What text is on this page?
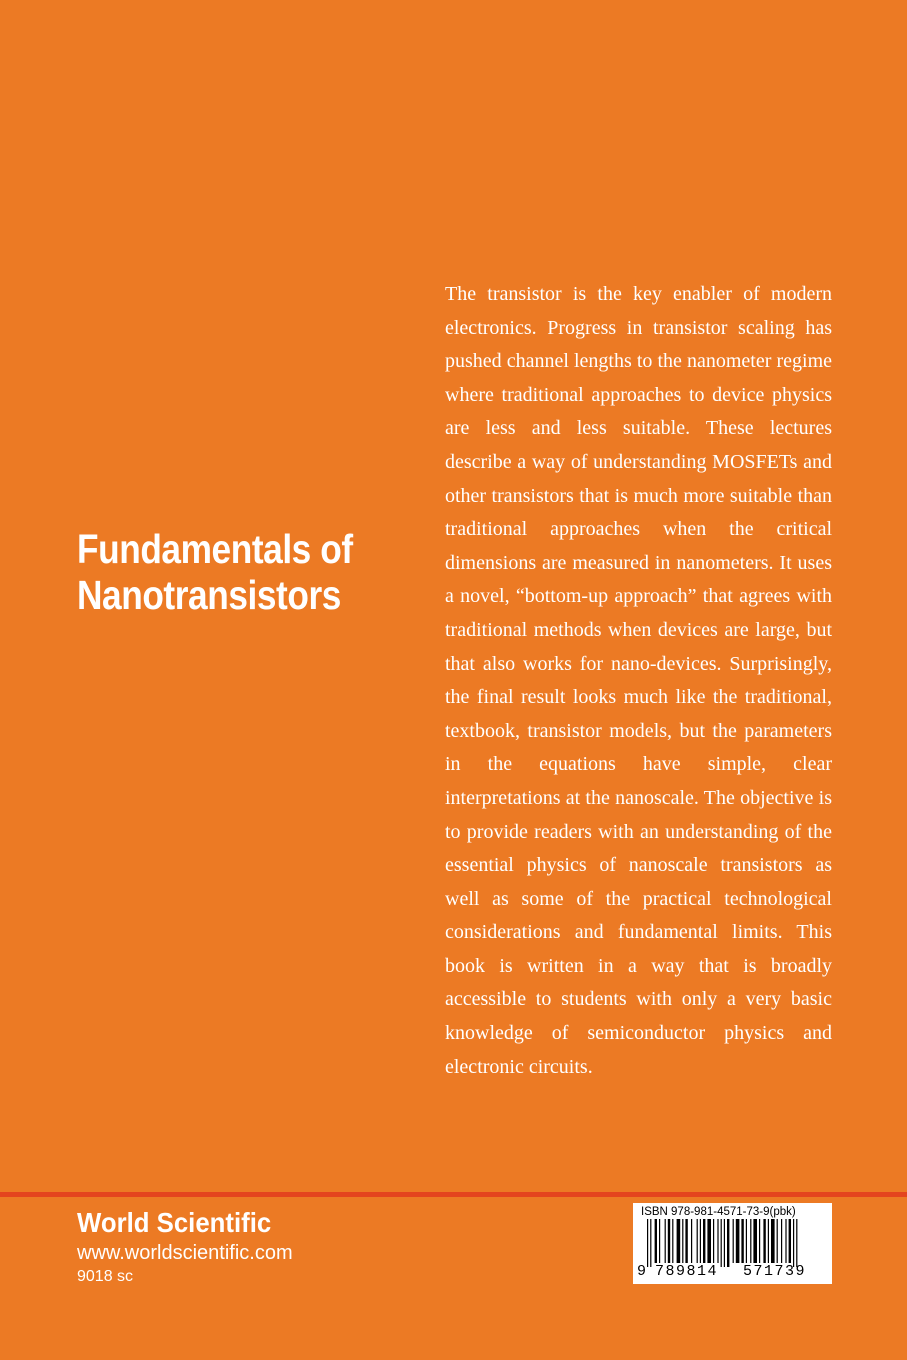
Fundamentals of
Nanotransistors

The transistor is the key enabler of modern electronics. Progress in transistor scaling has pushed channel lengths to the nanometer regime where traditional approaches to device physics are less and less suitable. These lectures describe a way of understanding MOSFETs and other transistors that is much more suitable than traditional approaches when the critical dimensions are measured in nanometers. It uses a novel, “bottom-up approach” that agrees with traditional methods when devices are large, but that also works for nano-devices. Surprisingly, the final result looks much like the traditional, textbook, transistor models, but the parameters in the equations have simple, clear interpretations at the nanoscale. The objective is to provide readers with an understanding of the essential physics of nanoscale transistors as well as some of the practical technological considerations and fundamental limits. This book is written in a way that is broadly accessible to students with only a very basic knowledge of semiconductor physics and electronic circuits.

World Scientific
www.worldscientific.com
9018 sc
ISBN 978-981-4571-73-9(pbk)
9 789814 571739
